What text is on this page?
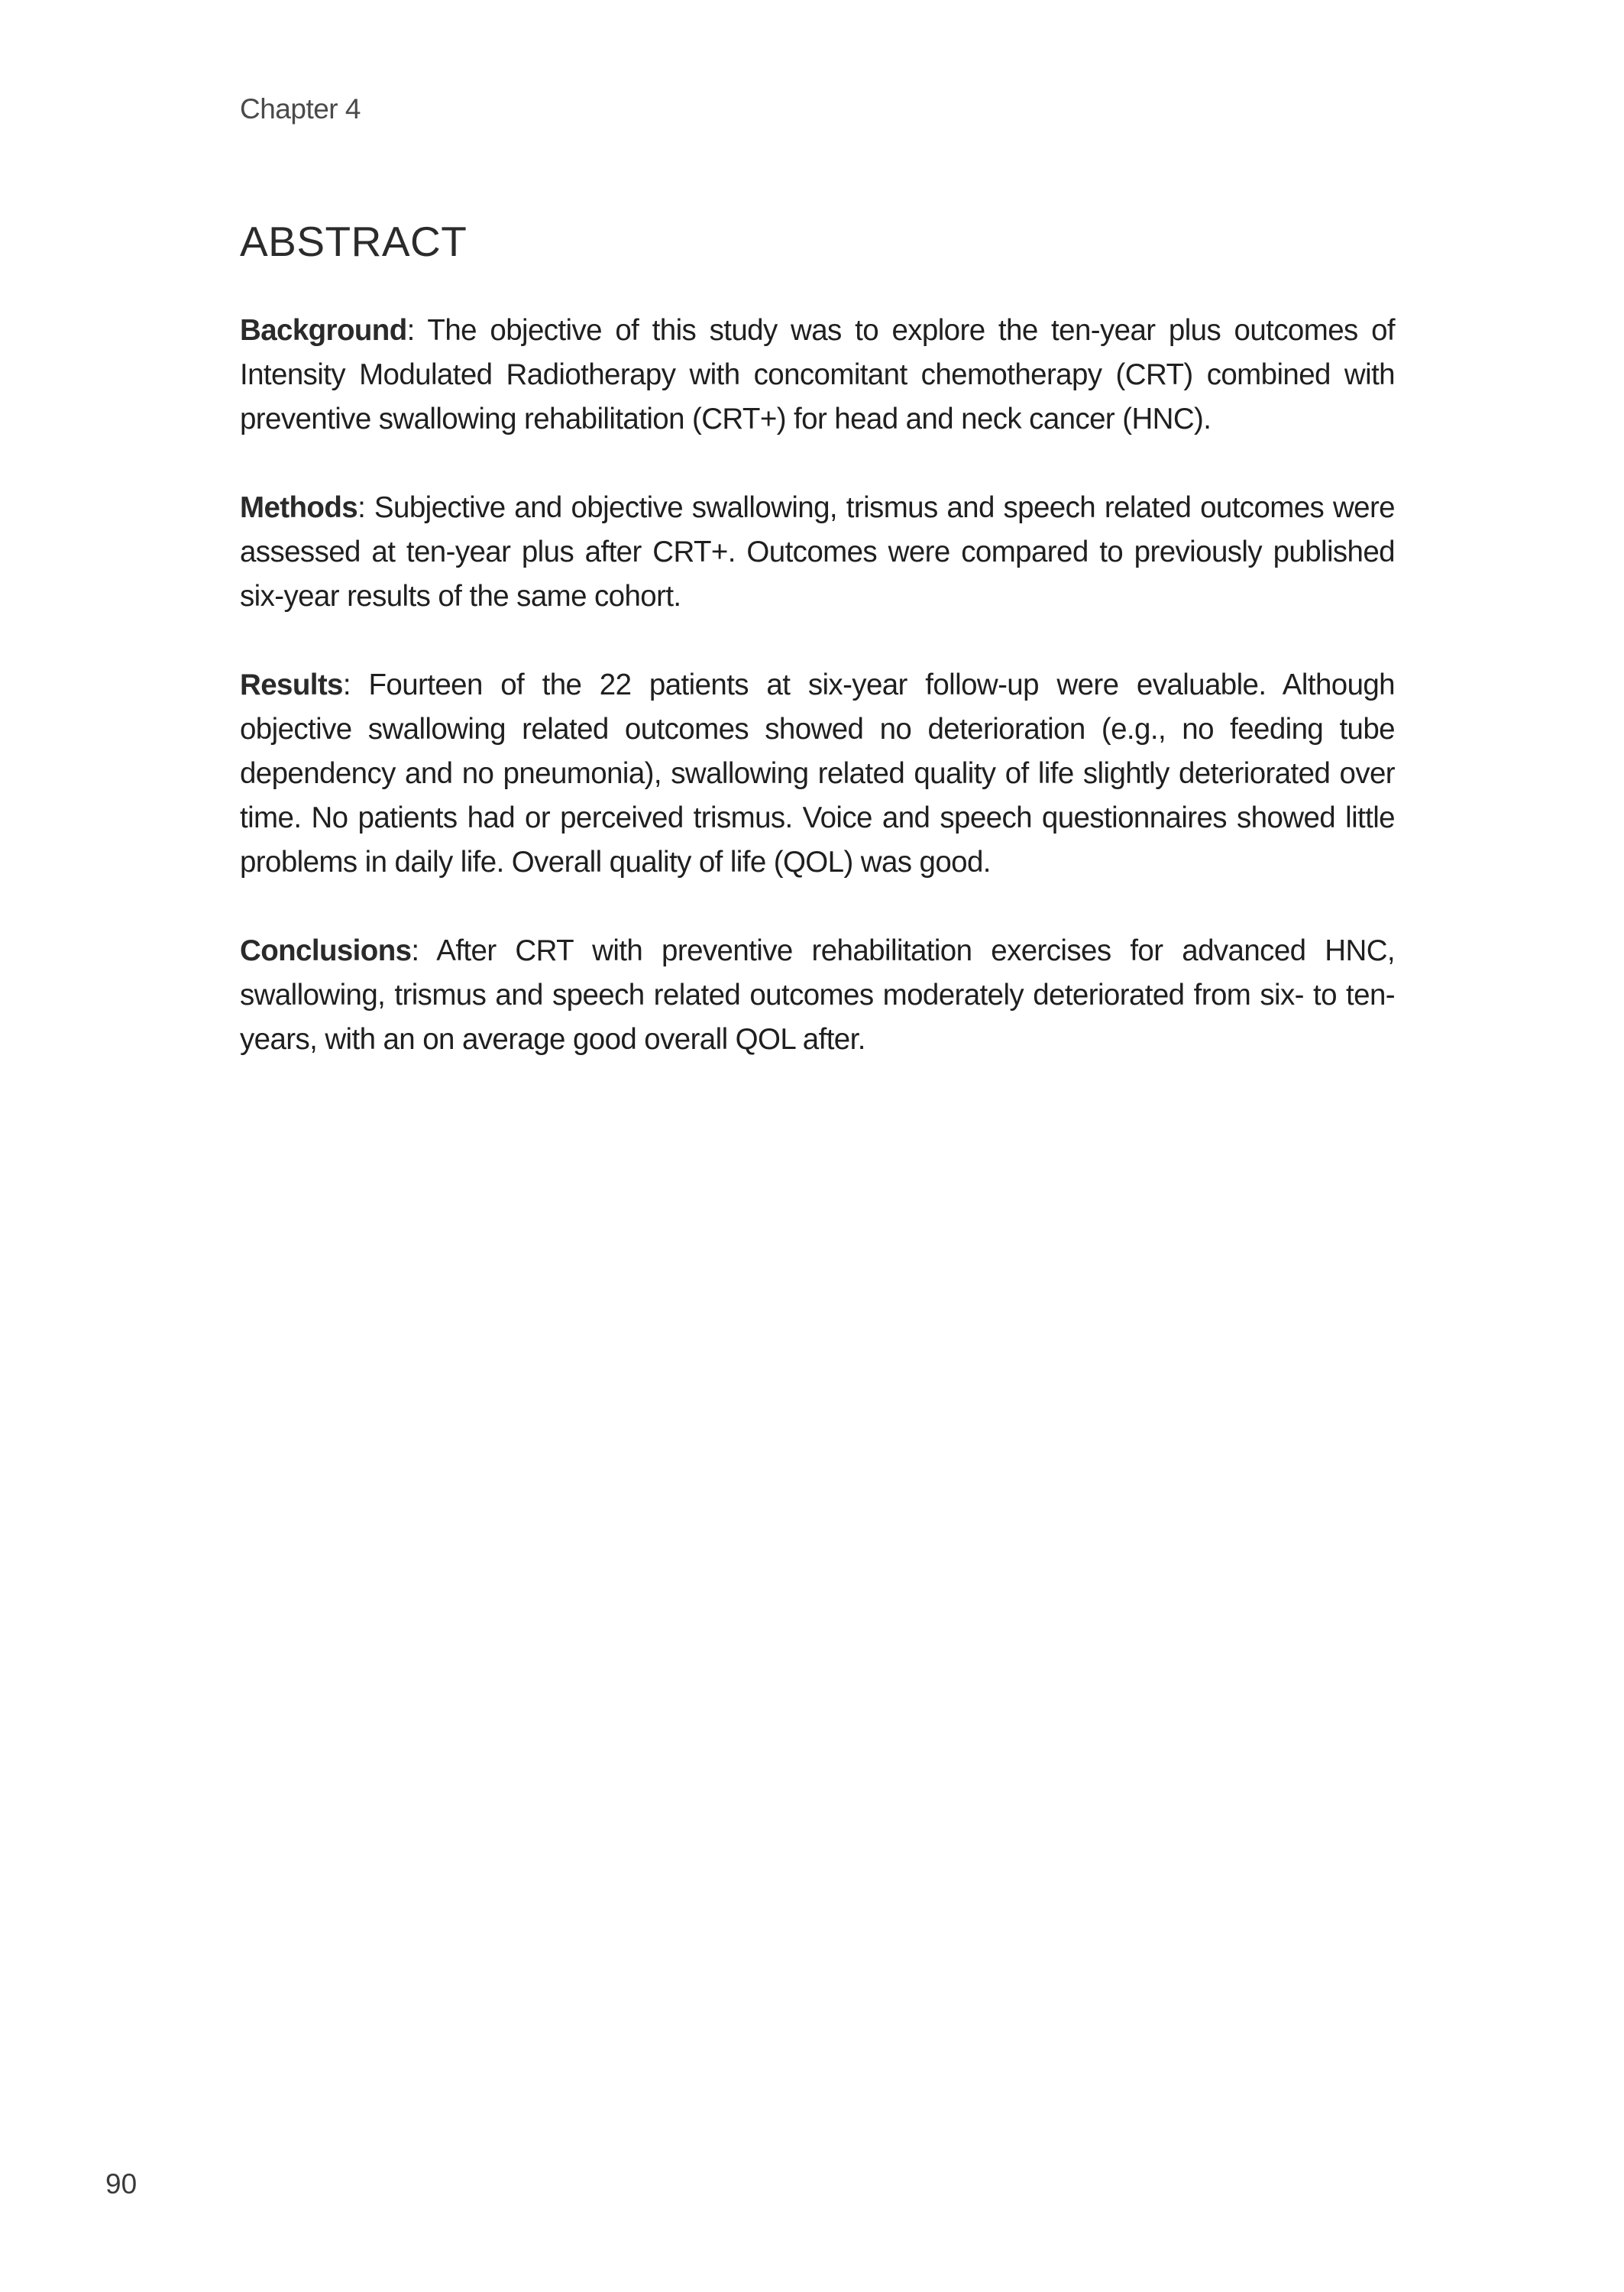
Chapter 4
ABSTRACT

Background: The objective of this study was to explore the ten-year plus outcomes of Intensity Modulated Radiotherapy with concomitant chemotherapy (CRT) combined with preventive swallowing rehabilitation (CRT+) for head and neck cancer (HNC).

Methods: Subjective and objective swallowing, trismus and speech related outcomes were assessed at ten-year plus after CRT+. Outcomes were compared to previously published six-year results of the same cohort.

Results: Fourteen of the 22 patients at six-year follow-up were evaluable. Although objective swallowing related outcomes showed no deterioration (e.g., no feeding tube dependency and no pneumonia), swallowing related quality of life slightly deteriorated over time. No patients had or perceived trismus. Voice and speech questionnaires showed little problems in daily life. Overall quality of life (QOL) was good.

Conclusions: After CRT with preventive rehabilitation exercises for advanced HNC, swallowing, trismus and speech related outcomes moderately deteriorated from six- to ten-years, with an on average good overall QOL after.

90
